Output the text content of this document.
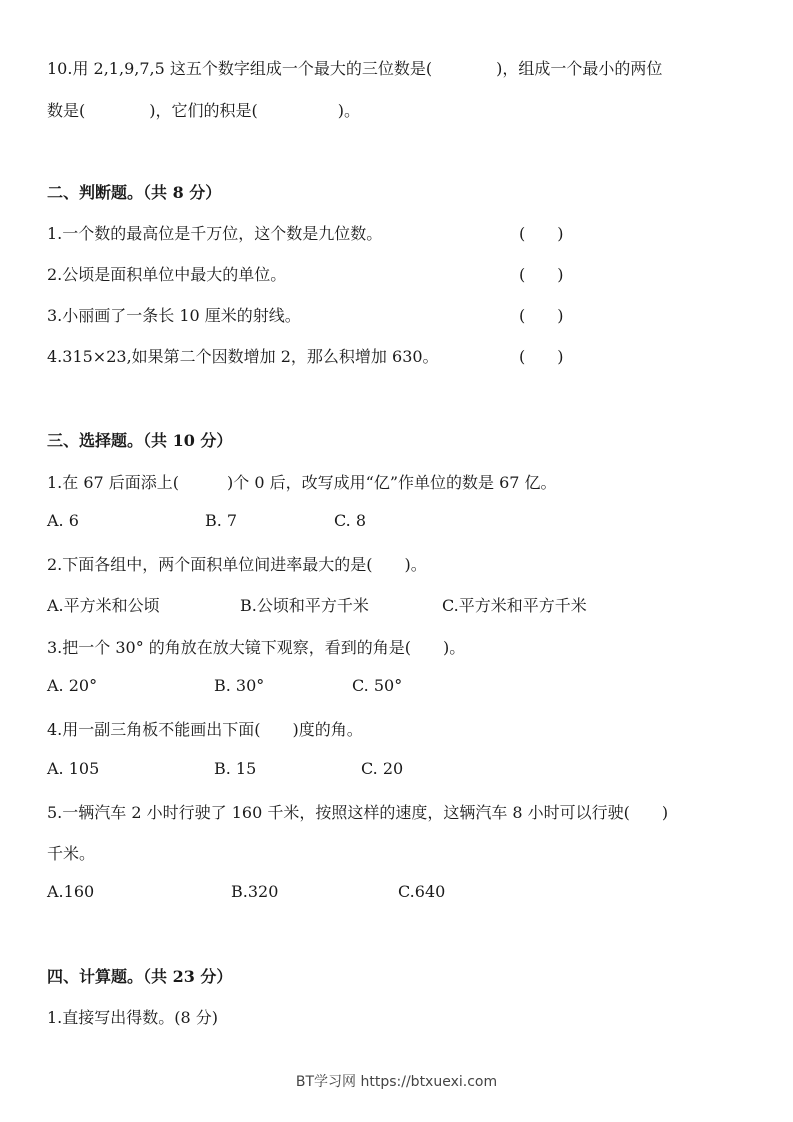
10.用 2,1,9,7,5 这五个数字组成一个最大的三位数是(　　　　)，组成一个最小的两位
数是(　　　　)，它们的积是(　　　　　)。
二、判断题。（共 8 分）
1.一个数的最高位是千万位，这个数是九位数。	(　　)
2.公顷是面积单位中最大的单位。	(　　)
3.小丽画了一条长 10 厘米的射线。	(　　)
4.315×23,如果第二个因数增加 2，那么积增加 630。	(　　)
三、选择题。（共 10 分）
1.在 67 后面添上(　　　)个 0 后，改写成用“亿”作单位的数是 67 亿。
A. 6	B. 7	C. 8
2.下面各组中，两个面积单位间进率最大的是(　　)。
A.平方米和公顷	B.公顷和平方千米	C.平方米和平方千米
3.把一个 30° 的角放在放大镜下观察，看到的角是(　　)。
A. 20°	B. 30°	C. 50°
4.用一副三角板不能画出下面(　　)度的角。
A. 105	B. 15	C. 20
5.一辆汽车 2 小时行驶了 160 千米，按照这样的速度，这辆汽车 8 小时可以行驶(　　)
千米。
A.160	B.320	C.640
四、计算题。（共 23 分）
1.直接写出得数。(8 分)
BT学习网 https://btxuexi.com
